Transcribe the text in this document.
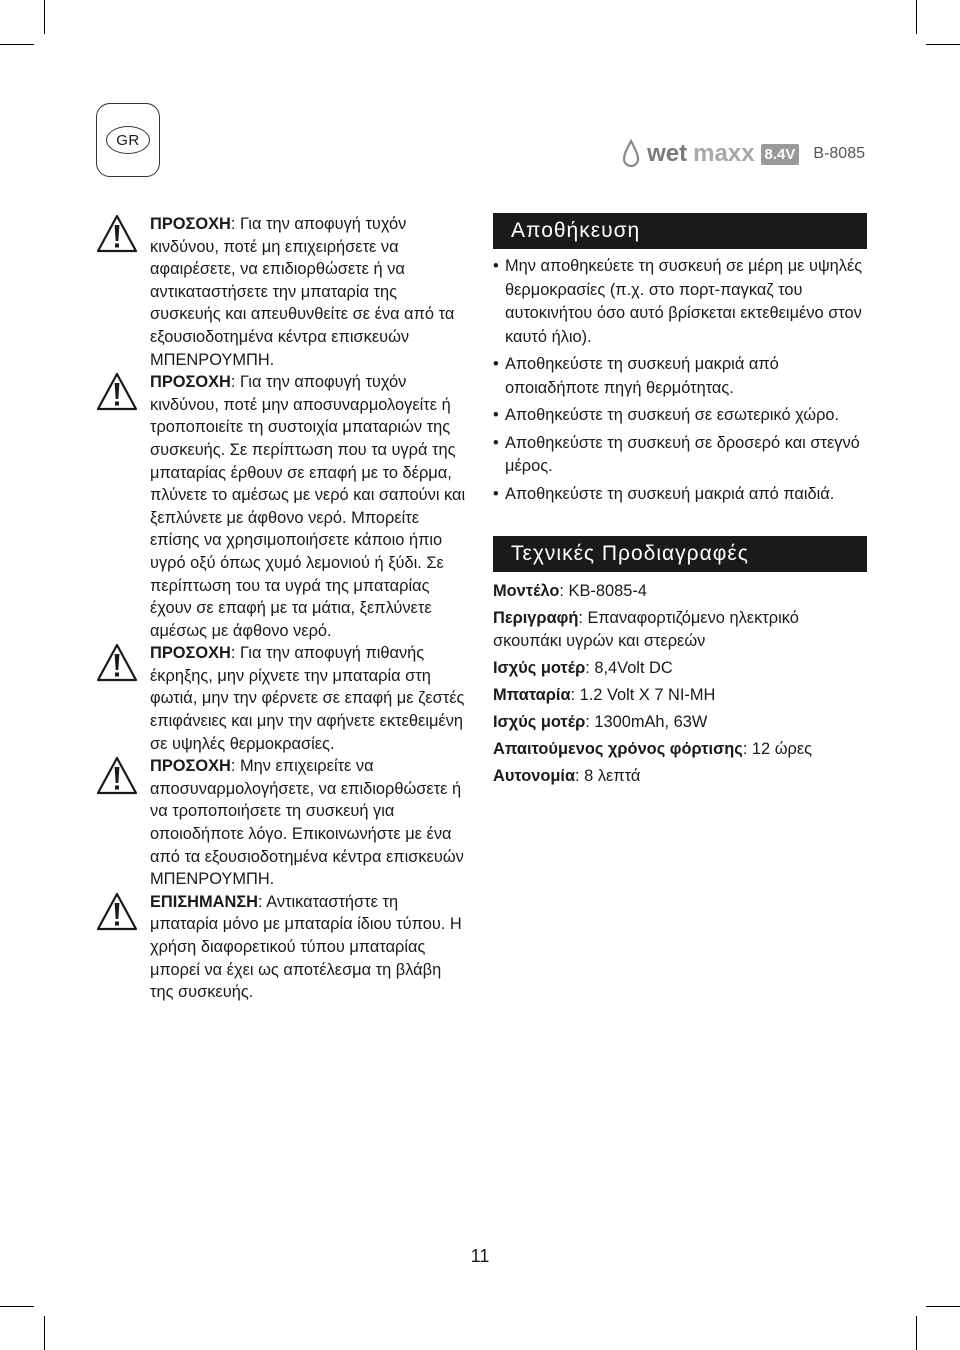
GR	wet maxx 8.4V B-8085
ΠΡΟΣΟΧΗ: Για την αποφυγή τυχόν κινδύνου, ποτέ μη επιχειρήσετε να αφαιρέσετε, να επιδιορθώσετε ή να αντικαταστήσετε την μπαταρία της συσκευής και απευθυνθείτε σε ένα από τα εξουσιοδοτημένα κέντρα επισκευών ΜΠΕΝΡΟΥΜΠΗ.
ΠΡΟΣΟΧΗ: Για την αποφυγή τυχόν κινδύνου, ποτέ μην αποσυναρμολογείτε ή τροποποιείτε τη συστοιχία μπαταριών της συσκευής. Σε περίπτωση που τα υγρά της μπαταρίας έρθουν σε επαφή με το δέρμα, πλύνετε το αμέσως με νερό και σαπούνι και ξεπλύνετε με άφθονο νερό. Μπορείτε επίσης να χρησιμοποιήσετε κάποιο ήπιο υγρό οξύ όπως χυμό λεμονιού ή ξύδι. Σε περίπτωση του τα υγρά της μπαταρίας έχουν σε επαφή με τα μάτια, ξεπλύνετε αμέσως με άφθονο νερό.
ΠΡΟΣΟΧΗ: Για την αποφυγή πιθανής έκρηξης, μην ρίχνετε την μπαταρία στη φωτιά, μην την φέρνετε σε επαφή με ζεστές επιφάνειες και μην την αφήνετε εκτεθειμένη σε υψηλές θερμοκρασίες.
ΠΡΟΣΟΧΗ: Μην επιχειρείτε να αποσυναρμολογήσετε, να επιδιορθώσετε ή να τροποποιήσετε τη συσκευή για οποιοδήποτε λόγο. Επικοινωνήστε με ένα από τα εξουσιοδοτημένα κέντρα επισκευών ΜΠΕΝΡΟΥΜΠΗ.
ΕΠΙΣΗΜΑΝΣΗ: Αντικαταστήστε τη μπαταρία μόνο με μπαταρία ίδιου τύπου. Η χρήση διαφορετικού τύπου μπαταρίας μπορεί να έχει ως αποτέλεσμα τη βλάβη της συσκευής.
Αποθήκευση
• Μην αποθηκεύετε τη συσκευή σε μέρη με υψηλές θερμοκρασίες (π.χ. στο πορτ-παγκαζ του αυτοκινήτου όσο αυτό βρίσκεται εκτεθειμένο στον καυτό ήλιο).
• Αποθηκεύστε τη συσκευή μακριά από οποιαδήποτε πηγή θερμότητας.
• Αποθηκεύστε τη συσκευή σε εσωτερικό χώρο.
• Αποθηκεύστε τη συσκευή σε δροσερό και στεγνό μέρος.
• Αποθηκεύστε τη συσκευή μακριά από παιδιά.
Τεχνικές Προδιαγραφές
Μοντέλο: KB-8085-4
Περιγραφή: Επαναφορτιζόμενο ηλεκτρικό σκουπάκι υγρών και στερεών
Ισχύς μοτέρ: 8,4Volt DC
Μπαταρία: 1.2 Volt X 7 NI-MH
Ισχύς μοτέρ: 1300mAh, 63W
Απαιτούμενος χρόνος φόρτισης: 12 ώρες
Αυτονομία: 8 λεπτά
11
